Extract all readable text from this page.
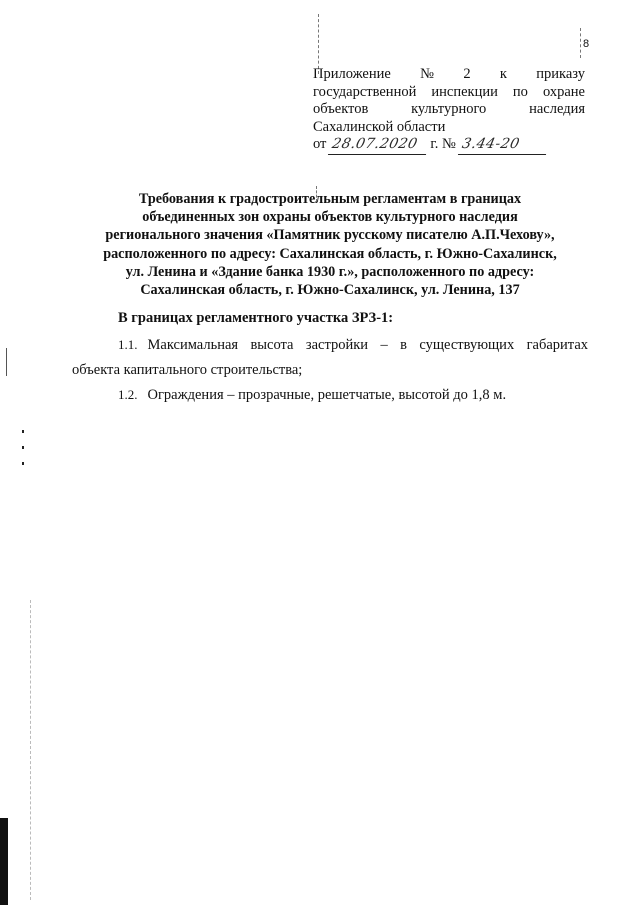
8
Приложение № 2 к приказу
государственной инспекции по охране
объектов	культурного	наследия
Сахалинской области
от 28.07.2020 г. № 3.44-20
Требования к градостроительным регламентам в границах
объединенных зон охраны объектов культурного наследия
регионального значения «Памятник русскому писателю А.П.Чехову»,
расположенного по адресу: Сахалинская область, г. Южно-Сахалинск,
ул. Ленина и «Здание банка 1930 г.», расположенного по адресу:
Сахалинская область, г. Южно-Сахалинск, ул. Ленина, 137
В границах регламентного участка ЗРЗ-1:
1.1. Максимальная высота застройки – в существующих габаритах
объекта капитального строительства;
1.2. Ограждения – прозрачные, решетчатые, высотой до 1,8 м.
